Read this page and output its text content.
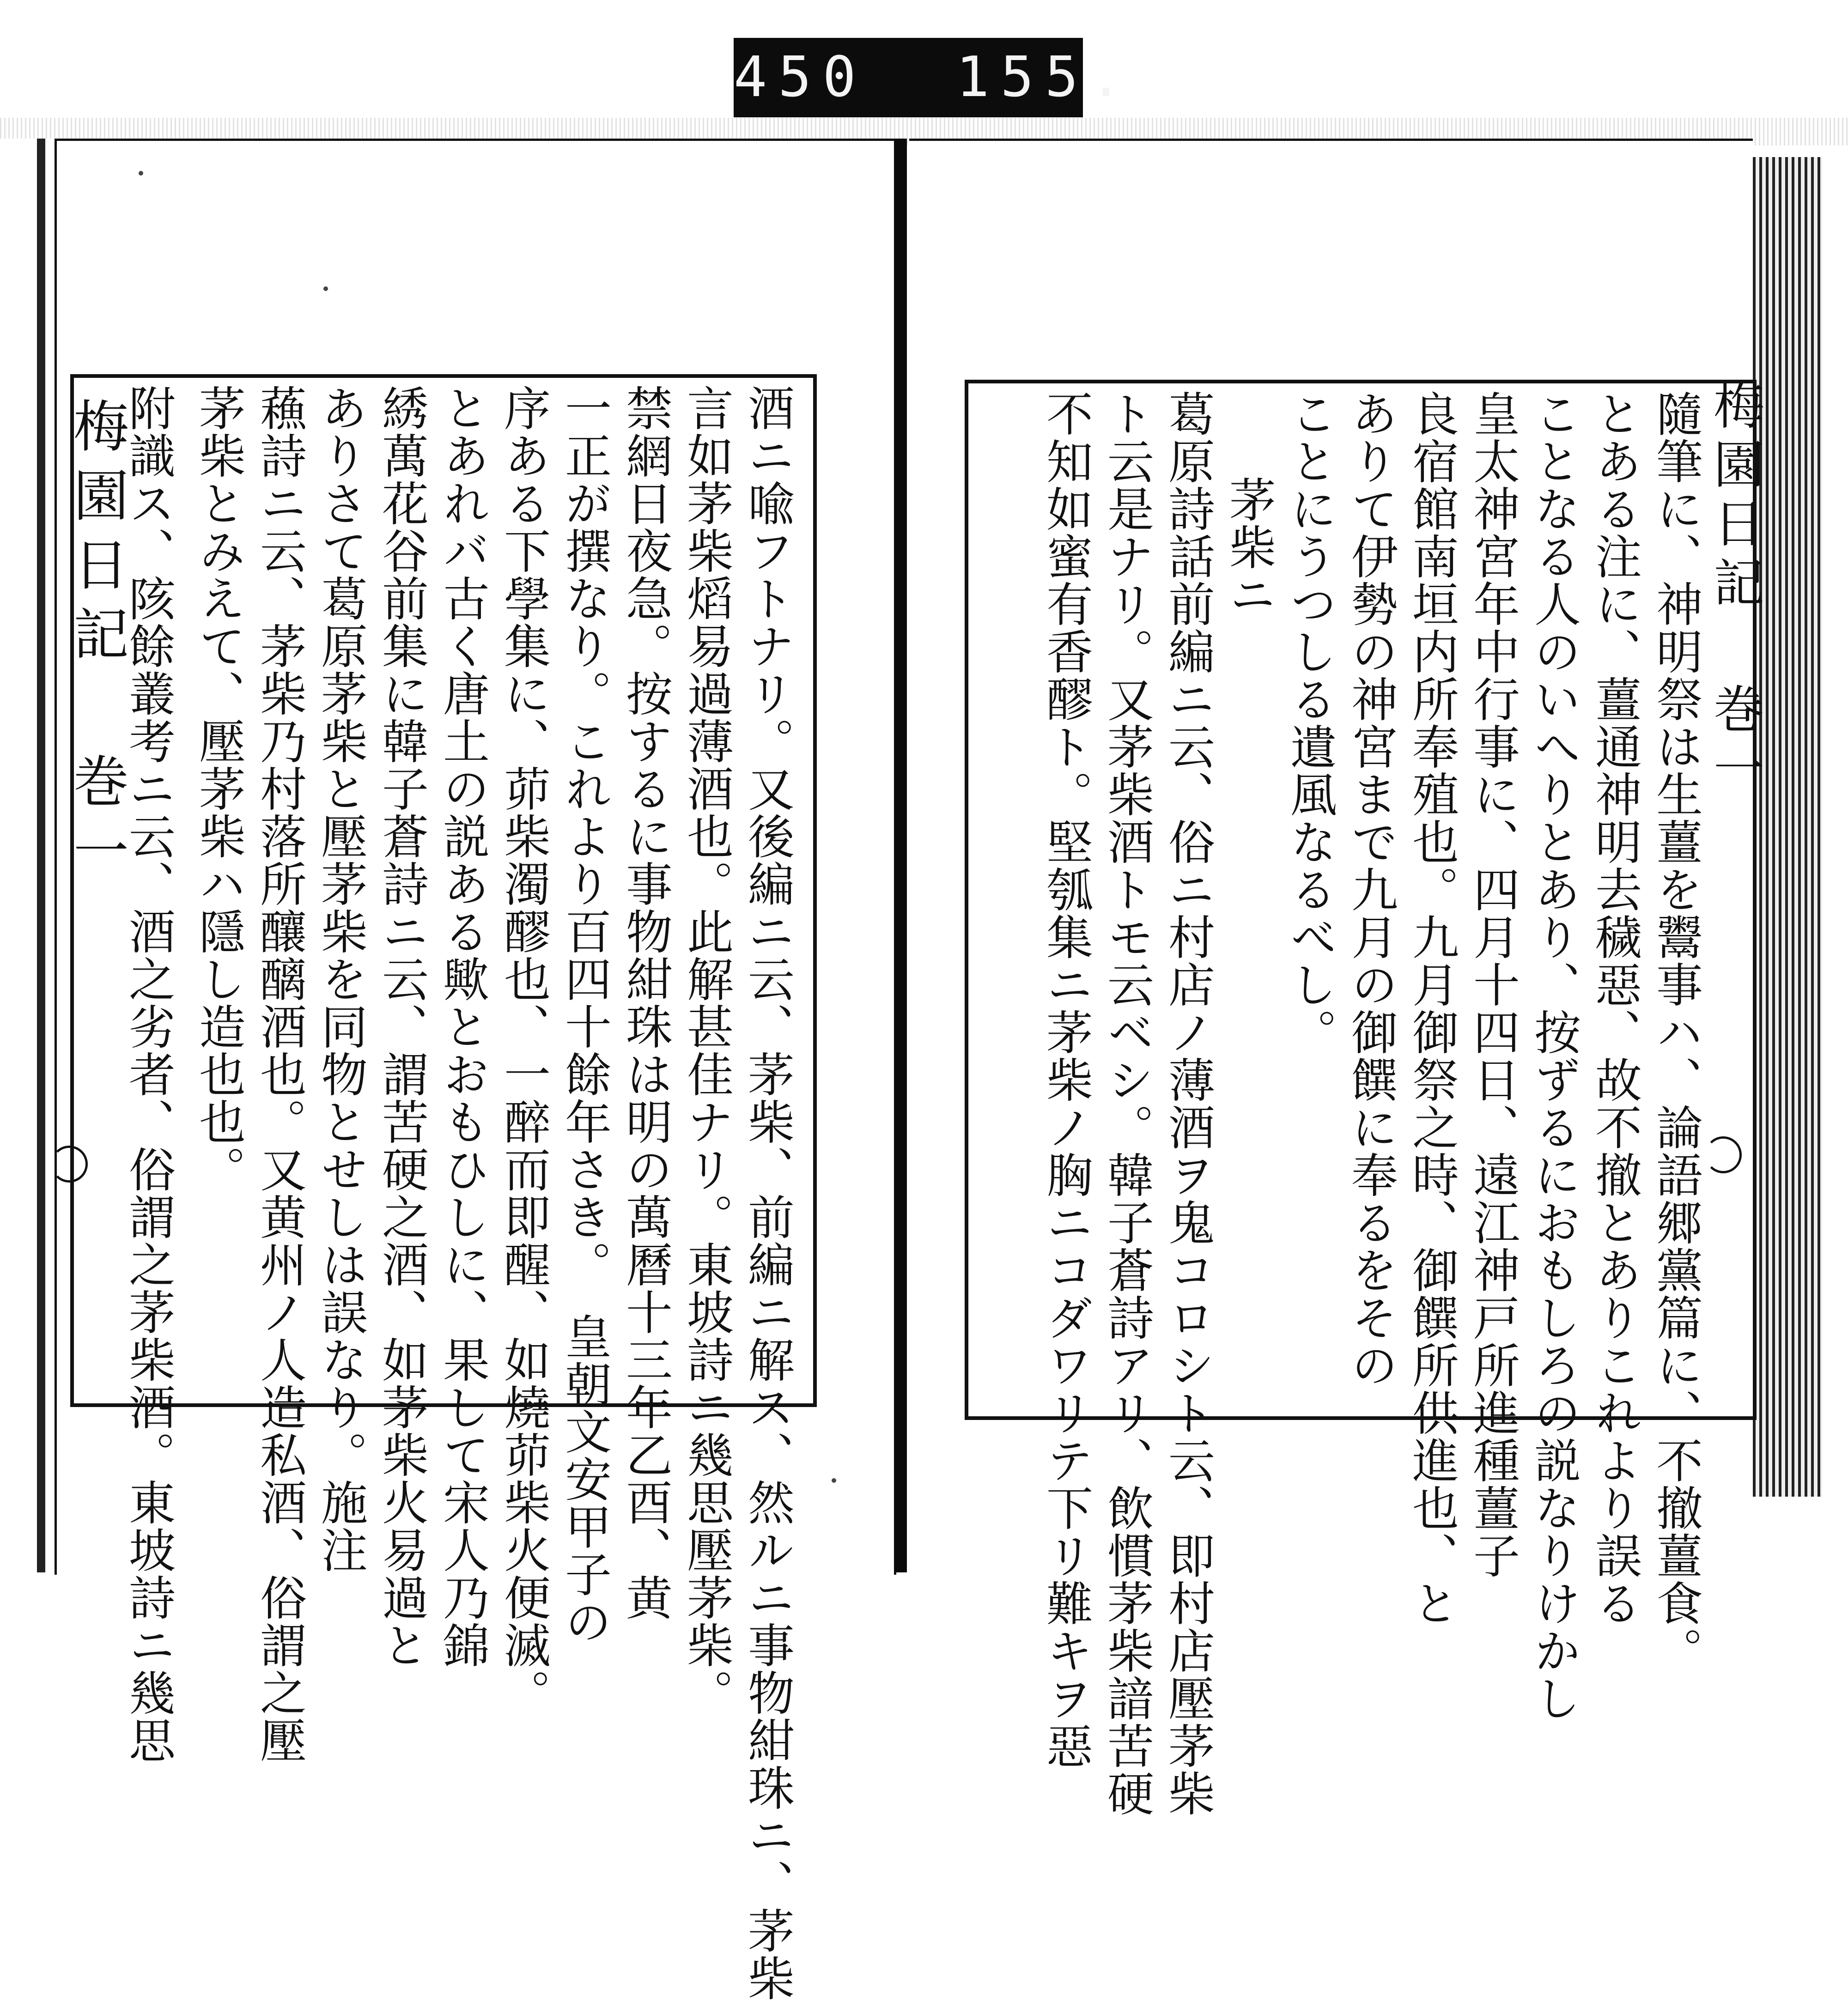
450  155.
梅園日記 巻一	梅園日記 巻一
酒ニ喩フトナリ。又後編ニ云、茅柴、前編ニ解ス、然ルニ事物紺珠ニ、茅柴
言如茅柴熖易過薄酒也。此解甚佳ナリ。東坡詩ニ幾思壓茅柴。
禁網日夜急。按するに事物紺珠は明の萬曆十三年乙酉、黄
一正が撰なり。これより百四十餘年さき。　皇朝文安甲子の
序ある下學集に、茆柴濁醪也、一醉而即醒、如燒茆柴火便滅。
とあれバ古く唐土の説ある歟とおもひしに、果して宋人乃錦
綉萬花谷前集に韓子蒼詩ニ云、謂苦硬之酒、如茅柴火易過と
ありさて葛原茅柴と壓茅柴を同物とせしは誤なり。施注
蘓詩ニ云、茅柴乃村落所釀醨酒也。又黄州ノ人造私酒、俗謂之壓
茅柴とみえて、壓茅柴ハ隱し造也也。
附識ス、陔餘叢考ニ云、酒之劣者、俗謂之茅柴酒。東坡詩ニ幾思	隨筆に、神明祭は生薑を鬻事ハ、論語郷黨篇に、不撤薑食。
とある注に、薑通神明去穢惡、故不撤とありこれより誤る
ことなる人のいへりとあり、按ずるにおもしろの説なりけかし
皇太神宮年中行事に、四月十四日、遠江神戸所進種薑子
良宿館南垣内所奉殖也。九月御祭之時、御饌所供進也、と
ありて伊勢の神宮まで九月の御饌に奉るをその
ことにうつしる遺風なるべし。
茅柴ニ
葛原詩話前編ニ云、俗ニ村店ノ薄酒ヲ鬼コロシト云、即村店壓茅柴
ト云是ナリ。又茅柴酒トモ云ベシ。韓子蒼詩アリ、飲慣茅柴諳苦硬
不知如蜜有香醪ト。堅瓠集ニ茅柴ノ胸ニコダワリテ下リ難キヲ惡
